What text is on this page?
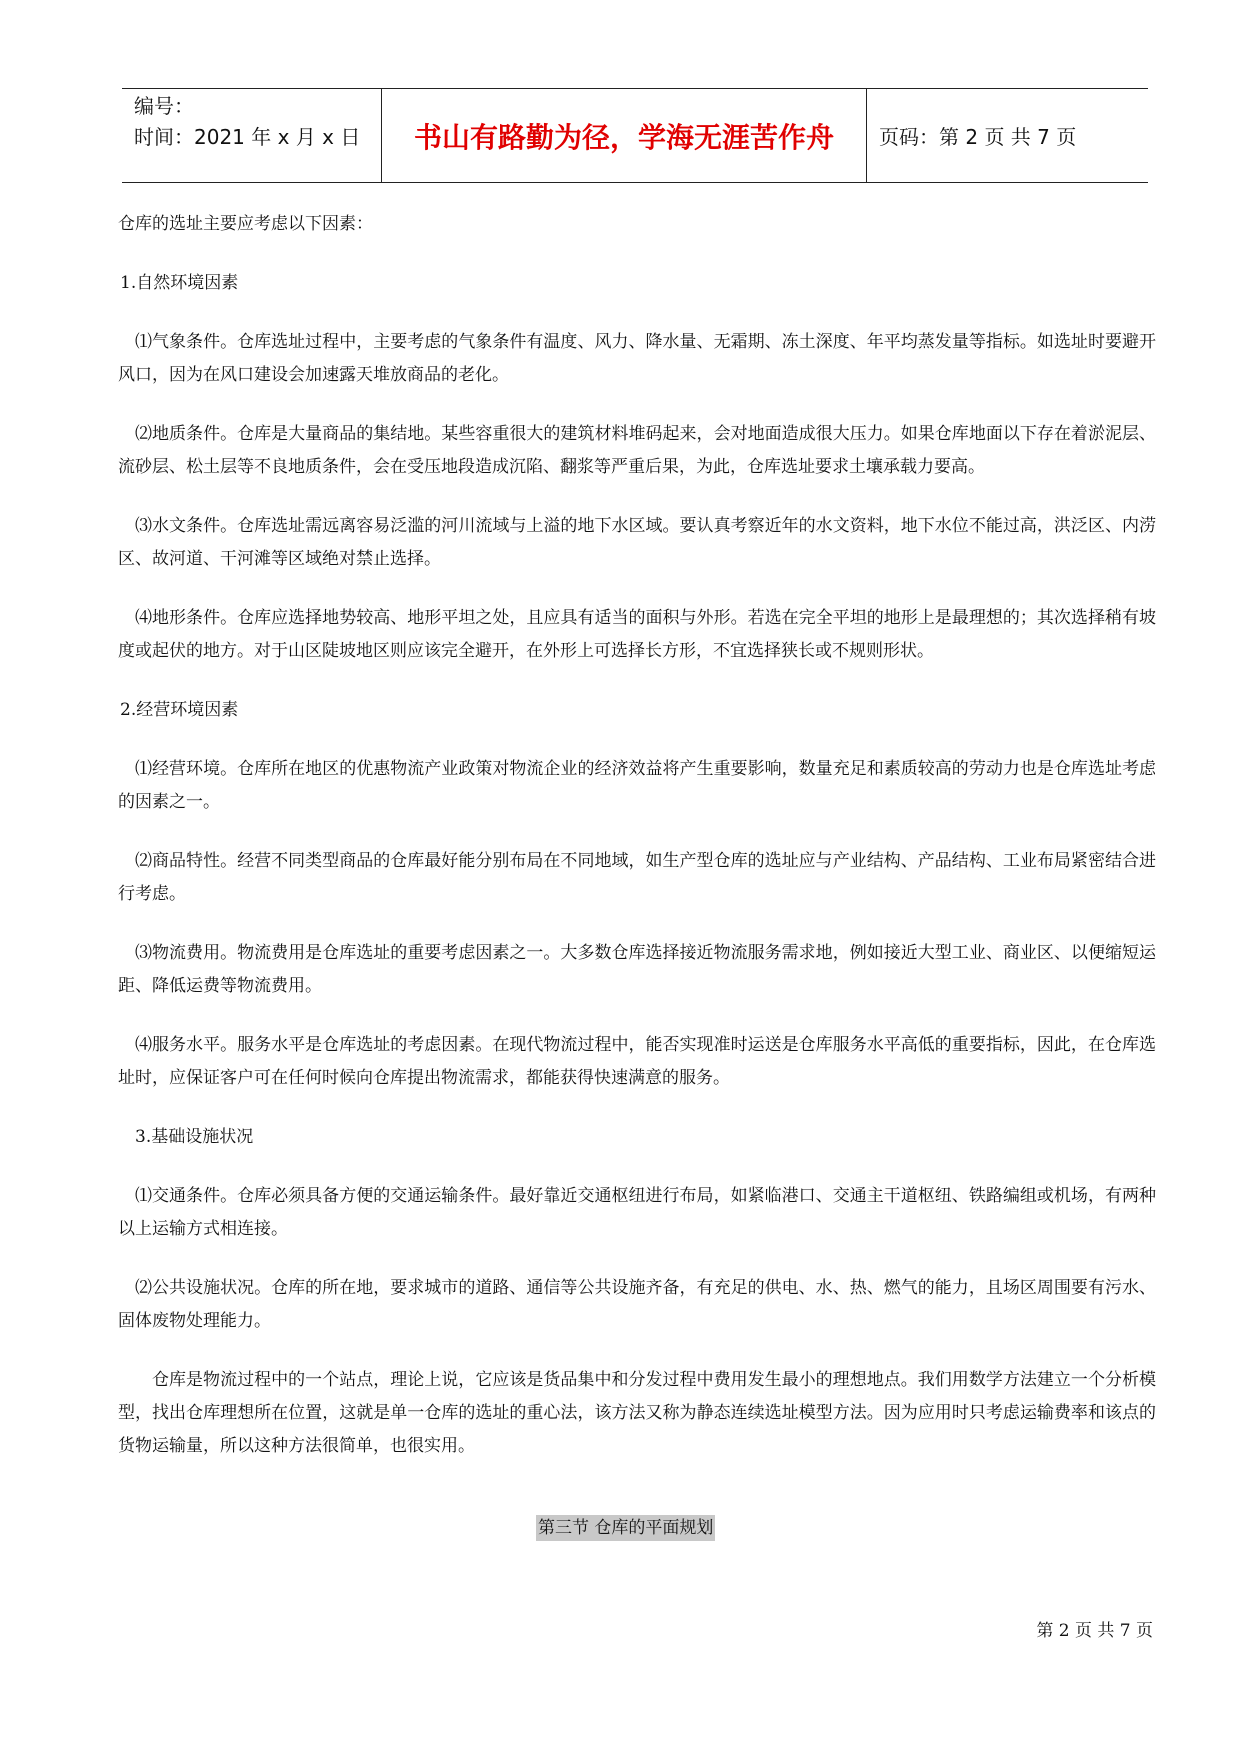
编号：
时间：2021 年 x 月 x 日	书山有路勤为径，学海无涯苦作舟	页码：第 2 页 共 7 页

仓库的选址主要应考虑以下因素：

1.自然环境因素

⑴气象条件。仓库选址过程中，主要考虑的气象条件有温度、风力、降水量、无霜期、冻土深度、年平均蒸发量等指标。如选址时要避开风口，因为在风口建设会加速露天堆放商品的老化。

⑵地质条件。仓库是大量商品的集结地。某些容重很大的建筑材料堆码起来，会对地面造成很大压力。如果仓库地面以下存在着淤泥层、流砂层、松土层等不良地质条件，会在受压地段造成沉陷、翻浆等严重后果，为此，仓库选址要求土壤承载力要高。

⑶水文条件。仓库选址需远离容易泛滥的河川流域与上溢的地下水区域。要认真考察近年的水文资料，地下水位不能过高，洪泛区、内涝区、故河道、干河滩等区域绝对禁止选择。

⑷地形条件。仓库应选择地势较高、地形平坦之处，且应具有适当的面积与外形。若选在完全平坦的地形上是最理想的；其次选择稍有坡度或起伏的地方。对于山区陡坡地区则应该完全避开，在外形上可选择长方形，不宜选择狭长或不规则形状。

2.经营环境因素

⑴经营环境。仓库所在地区的优惠物流产业政策对物流企业的经济效益将产生重要影响，数量充足和素质较高的劳动力也是仓库选址考虑的因素之一。

⑵商品特性。经营不同类型商品的仓库最好能分别布局在不同地域，如生产型仓库的选址应与产业结构、产品结构、工业布局紧密结合进行考虑。

⑶物流费用。物流费用是仓库选址的重要考虑因素之一。大多数仓库选择接近物流服务需求地，例如接近大型工业、商业区、以便缩短运距、降低运费等物流费用。

⑷服务水平。服务水平是仓库选址的考虑因素。在现代物流过程中，能否实现准时运送是仓库服务水平高低的重要指标，因此，在仓库选址时，应保证客户可在任何时候向仓库提出物流需求，都能获得快速满意的服务。

3.基础设施状况

⑴交通条件。仓库必须具备方便的交通运输条件。最好靠近交通枢纽进行布局，如紧临港口、交通主干道枢纽、铁路编组或机场，有两种以上运输方式相连接。

⑵公共设施状况。仓库的所在地，要求城市的道路、通信等公共设施齐备，有充足的供电、水、热、燃气的能力，且场区周围要有污水、固体废物处理能力。

仓库是物流过程中的一个站点，理论上说，它应该是货品集中和分发过程中费用发生最小的理想地点。我们用数学方法建立一个分析模型，找出仓库理想所在位置，这就是单一仓库的选址的重心法，该方法又称为静态连续选址模型方法。因为应用时只考虑运输费率和该点的货物运输量，所以这种方法很简单，也很实用。

第三节 仓库的平面规划
第 2 页 共 7 页
